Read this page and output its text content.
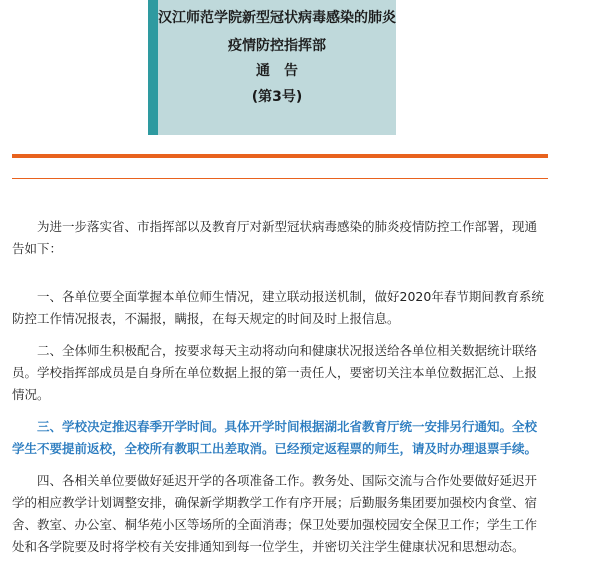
汉江师范学院新型冠状病毒感染的肺炎
疫情防控指挥部
通告
(第3号)

为进一步落实省、市指挥部以及教育厅对新型冠状病毒感染的肺炎疫情防控工作部署，现通告如下：

一、各单位要全面掌握本单位师生情况，建立联动报送机制，做好2020年春节期间教育系统防控工作情况报表，不漏报，瞒报，在每天规定的时间及时上报信息。

二、全体师生积极配合，按要求每天主动将动向和健康状况报送给各单位相关数据统计联络员。学校指挥部成员是自身所在单位数据上报的第一责任人，要密切关注本单位数据汇总、上报情况。

三、学校决定推迟春季开学时间。具体开学时间根据湖北省教育厅统一安排另行通知。全校学生不要提前返校，全校所有教职工出差取消。已经预定返程票的师生，请及时办理退票手续。

四、各相关单位要做好延迟开学的各项准备工作。教务处、国际交流与合作处要做好延迟开学的相应教学计划调整安排，确保新学期教学工作有序开展；后勤服务集团要加强校内食堂、宿舍、教室、办公室、桐华苑小区等场所的全面消毒；保卫处要加强校园安全保卫工作；学生工作处和各学院要及时将学校有关安排通知到每一位学生，并密切关注学生健康状况和思想动态。
